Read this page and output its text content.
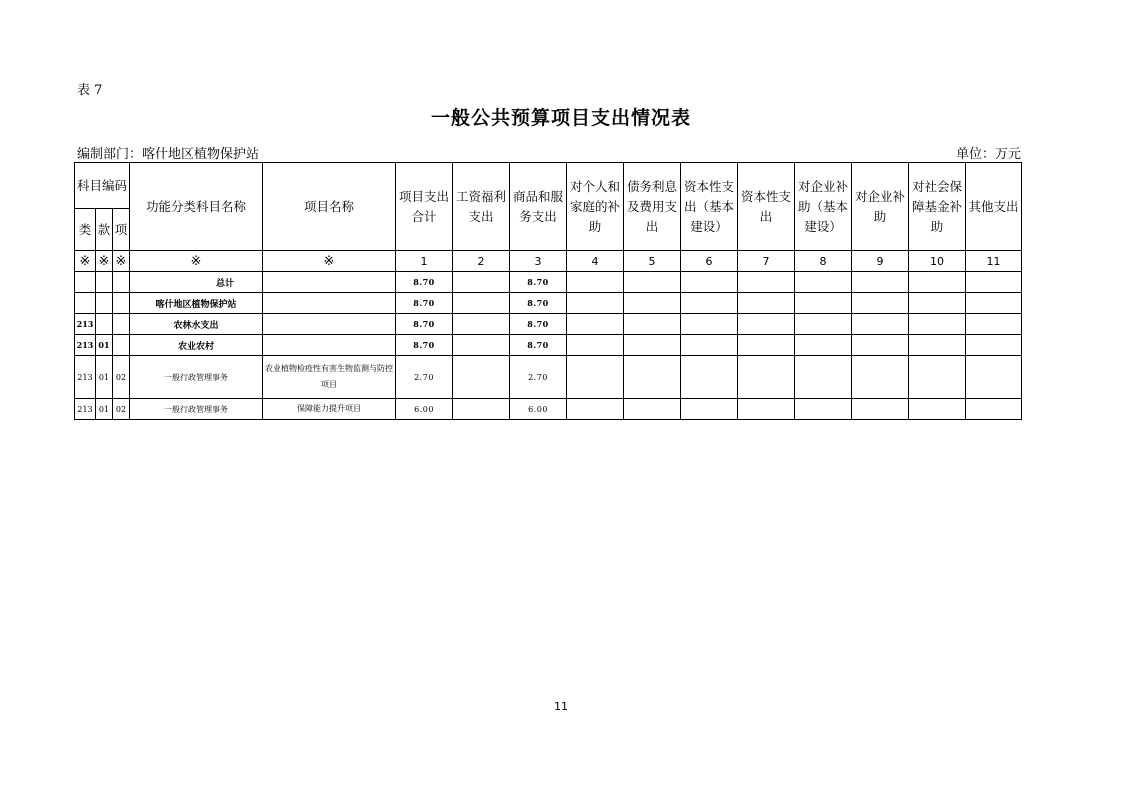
表 7
一般公共预算项目支出情况表
编制部门：喀什地区植物保护站	单位：万元
科目编码			功能分类科目名称	项目名称	项目支出合计	工资福利支出	商品和服务支出	对个人和家庭的补助	债务利息及费用支出	资本性支出（基本建设）	资本性支出	对企业补助（基本建设）	对企业补助	对社会保障基金补助	其他支出
类	款	项													
※	※	※	※	※	1	2	3	4	5	6	7	8	9	10	11
			总计		8.70		8.70								
			喀什地区植物保护站		8.70		8.70								
213			农林水支出		8.70		8.70								
213	01		农业农村		8.70		8.70								
213	01	02	一般行政管理事务	农业植物检疫性有害生物监测与防控项目	2.70		2.70								
213	01	02	一般行政管理事务	保障能力提升项目	6.00		6.00								
11
